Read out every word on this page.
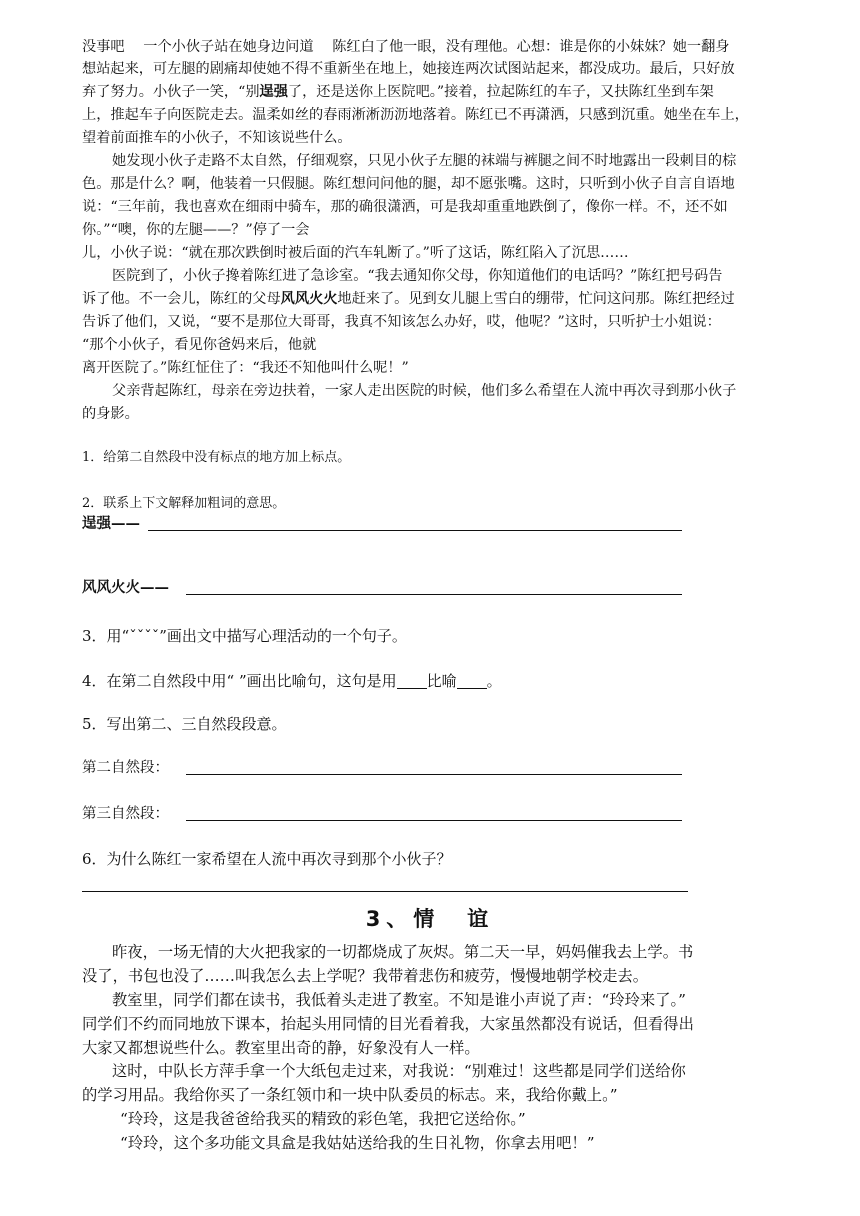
没事吧　 一个小伙子站在她身边问道　 陈红白了他一眼，没有理他。心想：谁是你的小妹妹？她一翻身

想站起来，可左腿的剧痛却使她不得不重新坐在地上，她接连两次试图站起来，都没成功。最后，只好放

弃了努力。小伙子一笑，“别逞强了，还是送你上医院吧。”接着，拉起陈红的车子，又扶陈红坐到车架

上，推起车子向医院走去。温柔如丝的春雨淅淅沥沥地落着。陈红已不再潇洒，只感到沉重。她坐在车上，

望着前面推车的小伙子，不知该说些什么。

她发现小伙子走路不太自然，仔细观察，只见小伙子左腿的袜端与裤腿之间不时地露出一段刺目的棕

色。那是什么？啊，他装着一只假腿。陈红想问问他的腿，却不愿张嘴。这时，只听到小伙子自言自语地

说：“三年前，我也喜欢在细雨中骑车，那的确很潇洒，可是我却重重地跌倒了，像你一样。不，还不如

你。”“噢，你的左腿——？”停了一会

儿，小伙子说：“就在那次跌倒时被后面的汽车轧断了。”听了这话，陈红陷入了沉思……

医院到了，小伙子搀着陈红进了急诊室。“我去通知你父母，你知道他们的电话吗？”陈红把号码告

诉了他。不一会儿，陈红的父母风风火火地赶来了。见到女儿腿上雪白的绷带，忙问这问那。陈红把经过

告诉了他们，又说，“要不是那位大哥哥，我真不知该怎么办好，哎，他呢？”这时，只听护士小姐说：

“那个小伙子，看见你爸妈来后，他就

离开医院了。”陈红怔住了：“我还不知他叫什么呢！”

父亲背起陈红，母亲在旁边扶着，一家人走出医院的时候，他们多么希望在人流中再次寻到那小伙子

的身影。

1．给第二自然段中没有标点的地方加上标点。

2．联系上下文解释加粗词的意思。

逞强——
风风火火——

3．用“ˇˇˇˇ”画出文中描写心理活动的一个句子。

4．在第二自然段中用“ ”画出比喻句，这句是用 比喻 。

5．写出第二、三自然段段意。

第二自然段：
第三自然段：

6．为什么陈红一家希望在人流中再次寻到那个小伙子？

3、情　谊

昨夜，一场无情的大火把我家的一切都烧成了灰烬。第二天一早，妈妈催我去上学。书

没了，书包也没了……叫我怎么去上学呢？我带着悲伤和疲劳，慢慢地朝学校走去。

教室里，同学们都在读书，我低着头走进了教室。不知是谁小声说了声：“玲玲来了。”

同学们不约而同地放下课本，抬起头用同情的目光看着我，大家虽然都没有说话，但看得出

大家又都想说些什么。教室里出奇的静，好象没有人一样。

这时，中队长方萍手拿一个大纸包走过来，对我说：“别难过！这些都是同学们送给你

的学习用品。我给你买了一条红领巾和一块中队委员的标志。来，我给你戴上。”

“玲玲，这是我爸爸给我买的精致的彩色笔，我把它送给你。”

“玲玲，这个多功能文具盒是我姑姑送给我的生日礼物，你拿去用吧！”
